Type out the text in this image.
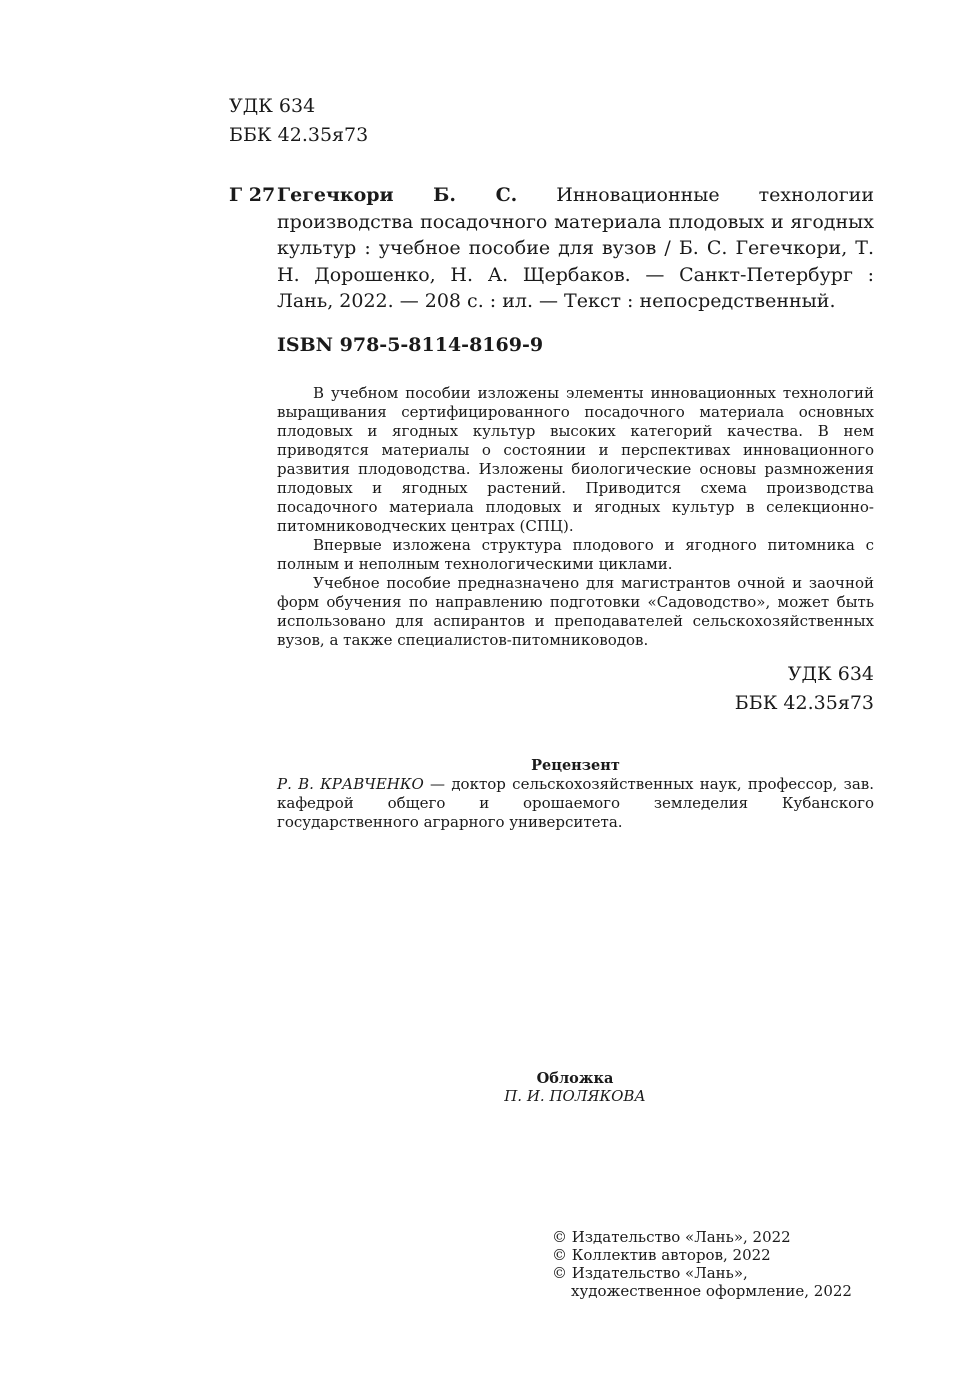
УДК 634
ББК 42.35я73
Г 27 Гегечкори Б. С. Инновационные технологии производства посадочного материала плодовых и ягодных культур : учебное пособие для вузов / Б. С. Гегечкори, Т. Н. Дорошенко, Н. А. Щербаков. — Санкт-Петербург : Лань, 2022. — 208 с. : ил. — Текст : непосредственный.
ISBN 978-5-8114-8169-9

В учебном пособии изложены элементы инновационных технологий выращивания сертифицированного посадочного материала основных плодовых и ягодных культур высоких категорий качества. В нем приводятся материалы о состоянии и перспективах инновационного развития плодоводства. Изложены биологические основы размножения плодовых и ягодных растений. Приводится схема производства посадочного материала плодовых и ягодных культур в селекционно-питомниководческих центрах (СПЦ).

Впервые изложена структура плодового и ягодного питомника с полным и неполным технологическими циклами.

Учебное пособие предназначено для магистрантов очной и заочной форм обучения по направлению подготовки «Садоводство», может быть использовано для аспирантов и преподавателей сельскохозяйственных вузов, а также специалистов-питомниководов.

УДК 634
ББК 42.35я73
Рецензент
Р. В. КРАВЧЕНКО — доктор сельскохозяйственных наук, профессор, зав. кафедрой общего и орошаемого земледелия Кубанского государственного аграрного университета.
Обложка
П. И. ПОЛЯКОВА
© Издательство «Лань», 2022
© Коллектив авторов, 2022
© Издательство «Лань»,
художественное оформление, 2022
